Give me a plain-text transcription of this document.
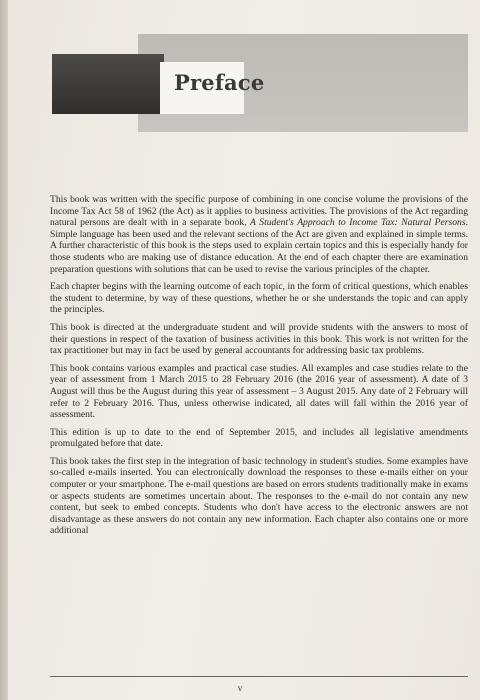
Preface

This book was written with the specific purpose of combining in one concise volume the provisions of the Income Tax Act 58 of 1962 (the Act) as it applies to business activities. The provisions of the Act regarding natural persons are dealt with in a separate book, A Student's Approach to Income Tax: Natural Persons. Simple language has been used and the relevant sections of the Act are given and explained in simple terms. A further characteristic of this book is the steps used to explain certain topics and this is especially handy for those students who are making use of distance education. At the end of each chapter there are examination preparation questions with solutions that can be used to revise the various principles of the chapter.

Each chapter begins with the learning outcome of each topic, in the form of critical questions, which enables the student to determine, by way of these questions, whether he or she understands the topic and can apply the principles.

This book is directed at the undergraduate student and will provide students with the answers to most of their questions in respect of the taxation of business activities in this book. This work is not written for the tax practitioner but may in fact be used by general accountants for addressing basic tax problems.

This book contains various examples and practical case studies. All examples and case studies relate to the year of assessment from 1 March 2015 to 28 February 2016 (the 2016 year of assessment). A date of 3 August will thus be the August during this year of assessment – 3 August 2015. Any date of 2 February will refer to 2 February 2016. Thus, unless otherwise indicated, all dates will fall within the 2016 year of assessment.

This edition is up to date to the end of September 2015, and includes all legislative amendments promulgated before that date.

This book takes the first step in the integration of basic technology in student's studies. Some examples have so-called e-mails inserted. You can electronically download the responses to these e-mails either on your computer or your smartphone. The e-mail questions are based on errors students traditionally make in exams or aspects students are sometimes uncertain about. The responses to the e-mail do not contain any new content, but seek to embed concepts. Students who don't have access to the electronic answers are not disadvantage as these answers do not contain any new information. Each chapter also contains one or more additional

v
